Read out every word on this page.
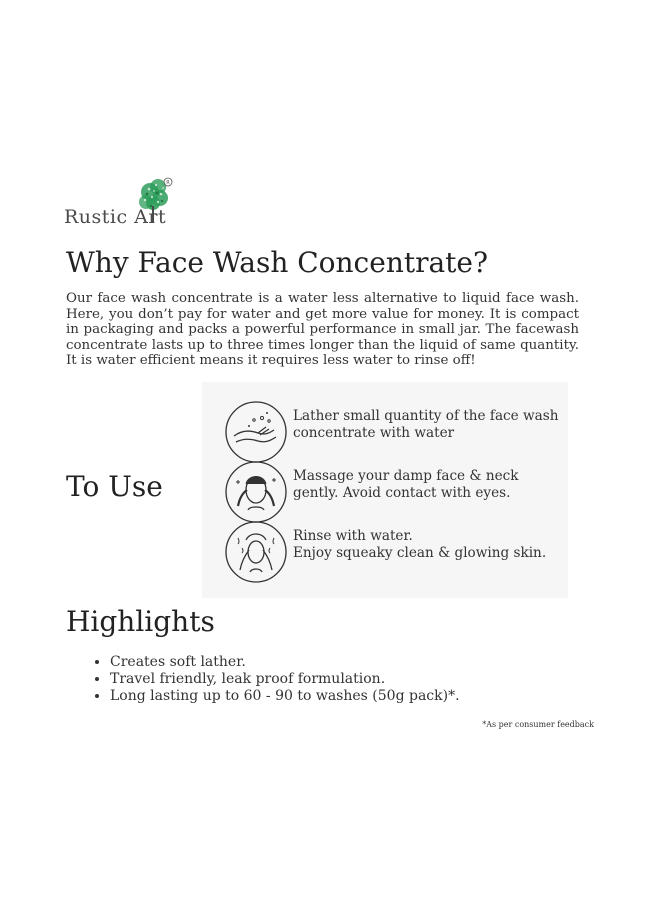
R
Rustic Art
Why Face Wash Concentrate?

Our face wash concentrate is a water less alternative to liquid face wash. Here, you don’t pay for water and get more value for money. It is compact in packaging and packs a powerful performance in small jar. The facewash concentrate lasts up to three times longer than the liquid of same quantity. It is water efficient means it requires less water to rinse off!

To Use
Lather small quantity of the face wash
concentrate with water
Massage your damp face & neck
gently. Avoid contact with eyes.
Rinse with water.
Enjoy squeaky clean & glowing skin.
Highlights
• Creates soft lather.
• Travel friendly, leak proof formulation.
• Long lasting up to 60 - 90 to washes (50g pack)*.
*As per consumer feedback
